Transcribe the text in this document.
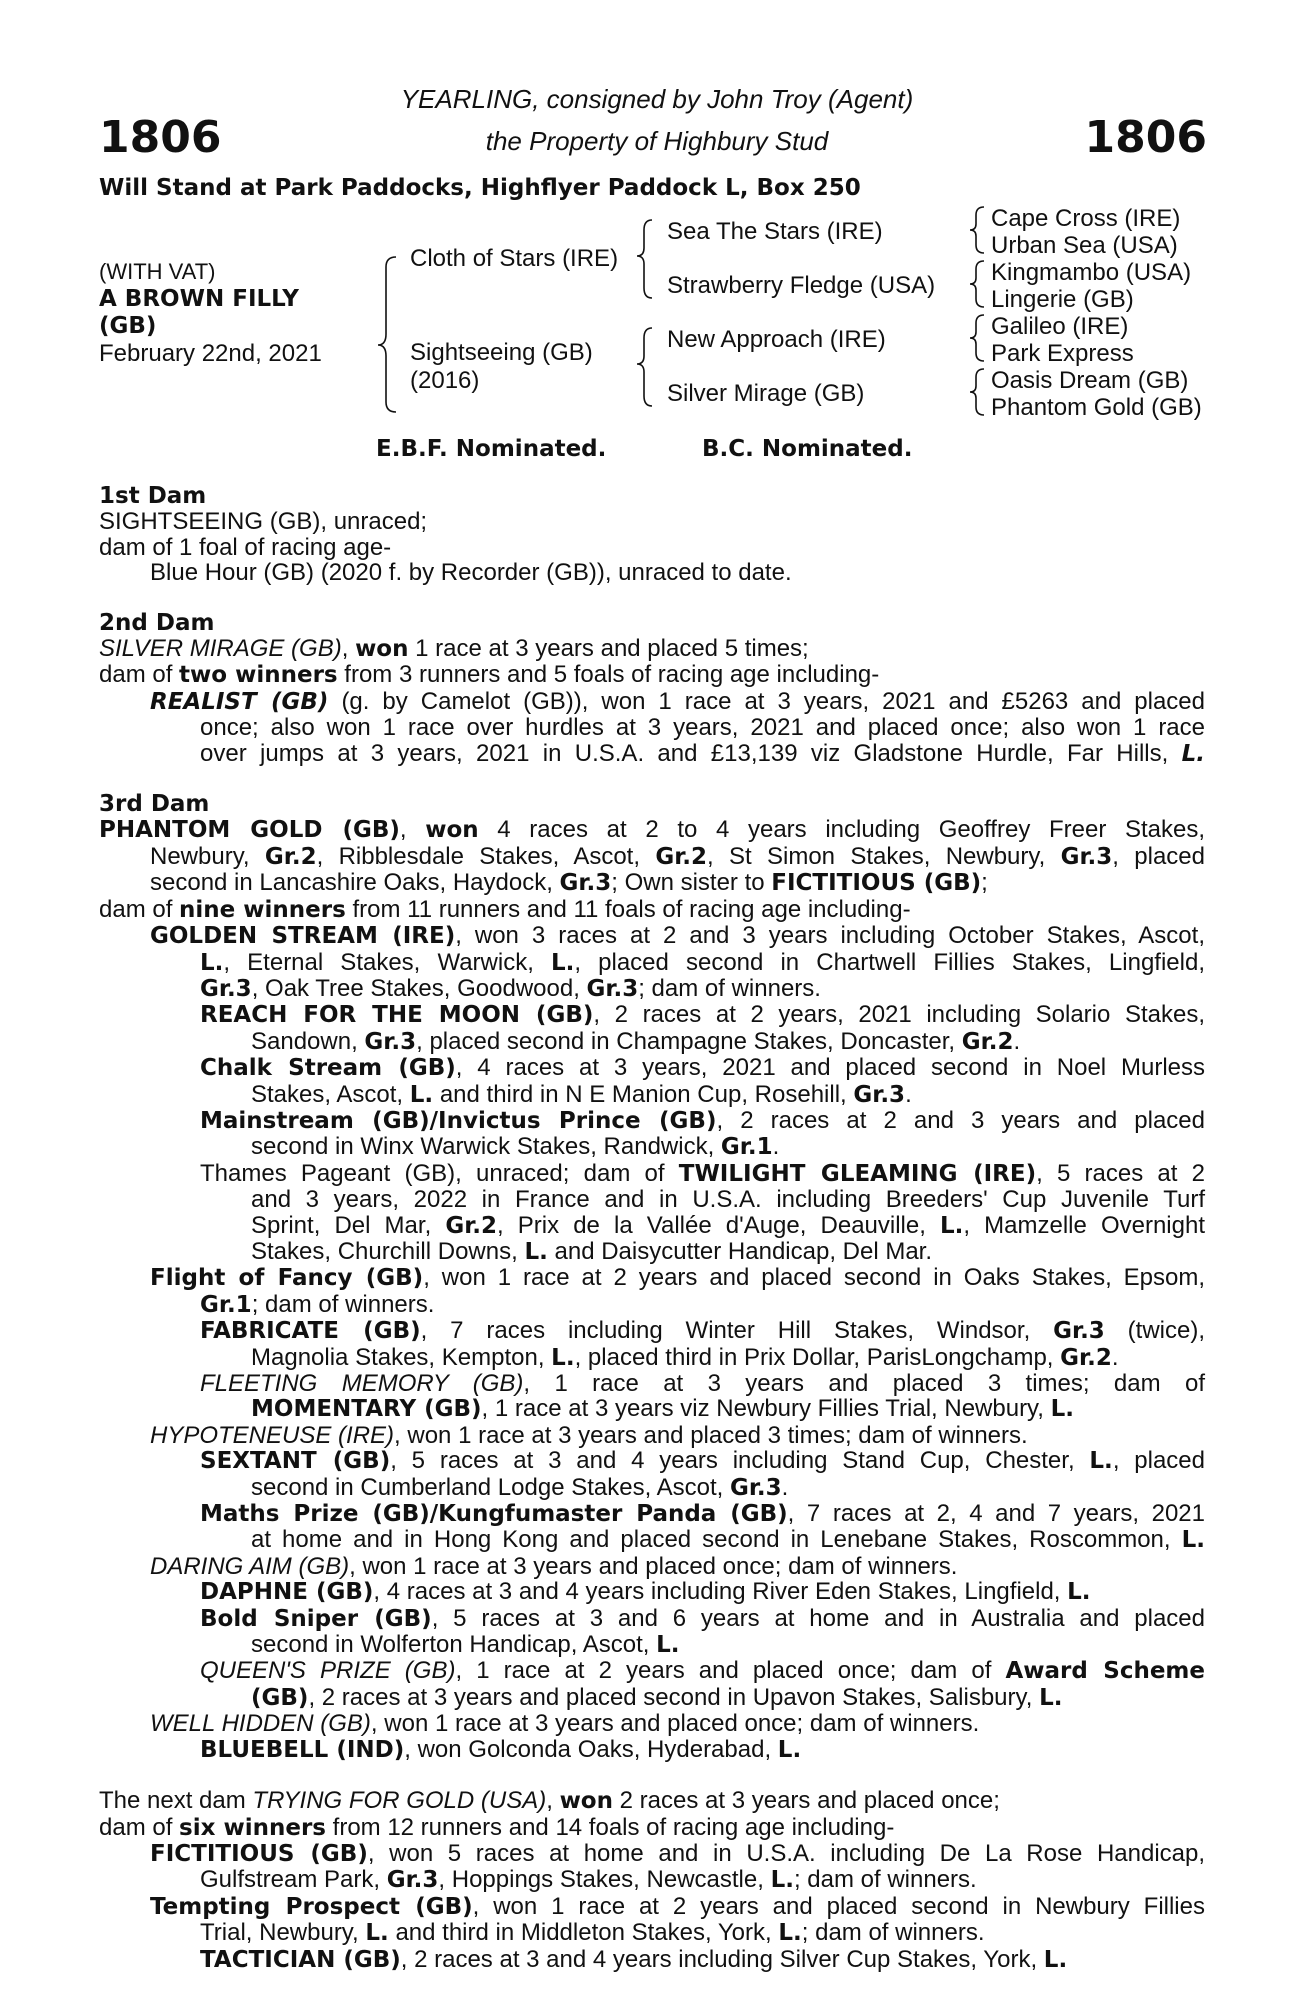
1806	1806
YEARLING, consigned by John Troy (Agent)
the Property of Highbury Stud
Will Stand at Park Paddocks, Highflyer Paddock L, Box 250
(WITH VAT)
A BROWN FILLY
(GB)
February 22nd, 2021
Cloth of Stars (IRE)
Sightseeing (GB)
(2016)
Sea The Stars (IRE)
Strawberry Fledge (USA)
New Approach (IRE)
Silver Mirage (GB)
Cape Cross (IRE)
Urban Sea (USA)
Kingmambo (USA)
Lingerie (GB)
Galileo (IRE)
Park Express
Oasis Dream (GB)
Phantom Gold (GB)
E.B.F. Nominated.	B.C. Nominated.
1st Dam
SIGHTSEEING (GB), unraced;
dam of 1 foal of racing age-
Blue Hour (GB) (2020 f. by Recorder (GB)), unraced to date.
2nd Dam
SILVER MIRAGE (GB), won 1 race at 3 years and placed 5 times;
dam of two winners from 3 runners and 5 foals of racing age including-
REALIST (GB) (g. by Camelot (GB)), won 1 race at 3 years, 2021 and £5263 and placed
once; also won 1 race over hurdles at 3 years, 2021 and placed once; also won 1 race
over jumps at 3 years, 2021 in U.S.A. and £13,139 viz Gladstone Hurdle, Far Hills, L.
3rd Dam
PHANTOM GOLD (GB), won 4 races at 2 to 4 years including Geoffrey Freer Stakes,
Newbury, Gr.2, Ribblesdale Stakes, Ascot, Gr.2, St Simon Stakes, Newbury, Gr.3, placed
second in Lancashire Oaks, Haydock, Gr.3; Own sister to FICTITIOUS (GB);
dam of nine winners from 11 runners and 11 foals of racing age including-
GOLDEN STREAM (IRE), won 3 races at 2 and 3 years including October Stakes, Ascot,
L., Eternal Stakes, Warwick, L., placed second in Chartwell Fillies Stakes, Lingfield,
Gr.3, Oak Tree Stakes, Goodwood, Gr.3; dam of winners.
REACH FOR THE MOON (GB), 2 races at 2 years, 2021 including Solario Stakes,
Sandown, Gr.3, placed second in Champagne Stakes, Doncaster, Gr.2.
Chalk Stream (GB), 4 races at 3 years, 2021 and placed second in Noel Murless
Stakes, Ascot, L. and third in N E Manion Cup, Rosehill, Gr.3.
Mainstream (GB)/Invictus Prince (GB), 2 races at 2 and 3 years and placed
second in Winx Warwick Stakes, Randwick, Gr.1.
Thames Pageant (GB), unraced; dam of TWILIGHT GLEAMING (IRE), 5 races at 2
and 3 years, 2022 in France and in U.S.A. including Breeders' Cup Juvenile Turf
Sprint, Del Mar, Gr.2, Prix de la Vallée d'Auge, Deauville, L., Mamzelle Overnight
Stakes, Churchill Downs, L. and Daisycutter Handicap, Del Mar.
Flight of Fancy (GB), won 1 race at 2 years and placed second in Oaks Stakes, Epsom,
Gr.1; dam of winners.
FABRICATE (GB), 7 races including Winter Hill Stakes, Windsor, Gr.3 (twice),
Magnolia Stakes, Kempton, L., placed third in Prix Dollar, ParisLongchamp, Gr.2.
FLEETING MEMORY (GB), 1 race at 3 years and placed 3 times; dam of
MOMENTARY (GB), 1 race at 3 years viz Newbury Fillies Trial, Newbury, L.
HYPOTENEUSE (IRE), won 1 race at 3 years and placed 3 times; dam of winners.
SEXTANT (GB), 5 races at 3 and 4 years including Stand Cup, Chester, L., placed
second in Cumberland Lodge Stakes, Ascot, Gr.3.
Maths Prize (GB)/Kungfumaster Panda (GB), 7 races at 2, 4 and 7 years, 2021
at home and in Hong Kong and placed second in Lenebane Stakes, Roscommon, L.
DARING AIM (GB), won 1 race at 3 years and placed once; dam of winners.
DAPHNE (GB), 4 races at 3 and 4 years including River Eden Stakes, Lingfield, L.
Bold Sniper (GB), 5 races at 3 and 6 years at home and in Australia and placed
second in Wolferton Handicap, Ascot, L.
QUEEN'S PRIZE (GB), 1 race at 2 years and placed once; dam of Award Scheme
(GB), 2 races at 3 years and placed second in Upavon Stakes, Salisbury, L.
WELL HIDDEN (GB), won 1 race at 3 years and placed once; dam of winners.
BLUEBELL (IND), won Golconda Oaks, Hyderabad, L.
The next dam TRYING FOR GOLD (USA), won 2 races at 3 years and placed once;
dam of six winners from 12 runners and 14 foals of racing age including-
FICTITIOUS (GB), won 5 races at home and in U.S.A. including De La Rose Handicap,
Gulfstream Park, Gr.3, Hoppings Stakes, Newcastle, L.; dam of winners.
Tempting Prospect (GB), won 1 race at 2 years and placed second in Newbury Fillies
Trial, Newbury, L. and third in Middleton Stakes, York, L.; dam of winners.
TACTICIAN (GB), 2 races at 3 and 4 years including Silver Cup Stakes, York, L.
